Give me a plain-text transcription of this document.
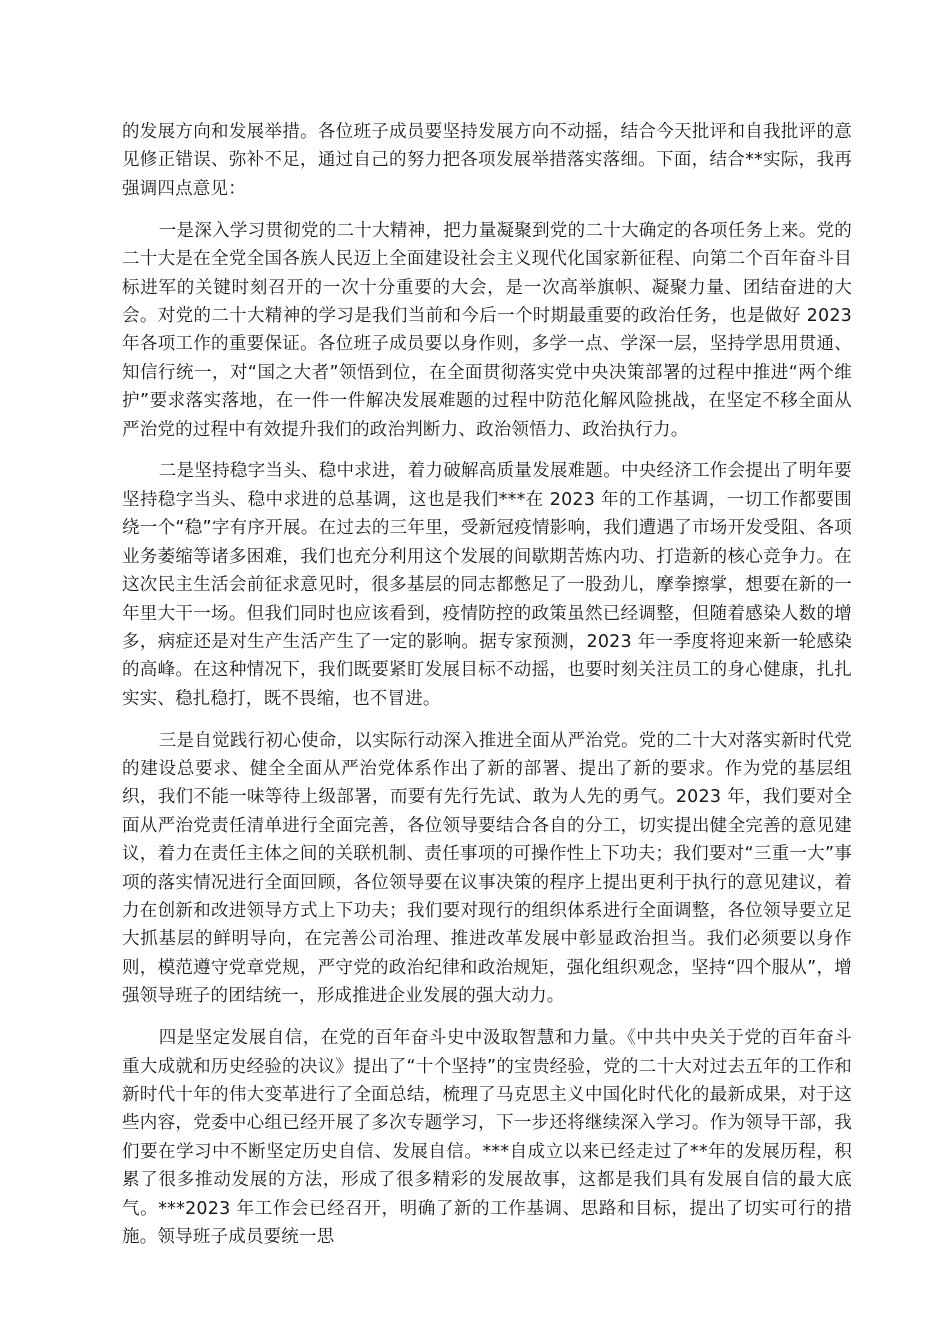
的发展方向和发展举措。各位班子成员要坚持发展方向不动摇，结合今天批评和自我批评的意见修正错误、弥补不足，通过自己的努力把各项发展举措落实落细。下面，结合**实际，我再强调四点意见：

一是深入学习贯彻党的二十大精神，把力量凝聚到党的二十大确定的各项任务上来。党的二十大是在全党全国各族人民迈上全面建设社会主义现代化国家新征程、向第二个百年奋斗目标进军的关键时刻召开的一次十分重要的大会，是一次高举旗帜、凝聚力量、团结奋进的大会。对党的二十大精神的学习是我们当前和今后一个时期最重要的政治任务，也是做好 2023 年各项工作的重要保证。各位班子成员要以身作则，多学一点、学深一层，坚持学思用贯通、知信行统一，对“国之大者”领悟到位，在全面贯彻落实党中央决策部署的过程中推进“两个维护”要求落实落地，在一件一件解决发展难题的过程中防范化解风险挑战，在坚定不移全面从严治党的过程中有效提升我们的政治判断力、政治领悟力、政治执行力。

二是坚持稳字当头、稳中求进，着力破解高质量发展难题。中央经济工作会提出了明年要坚持稳字当头、稳中求进的总基调，这也是我们***在 2023 年的工作基调，一切工作都要围绕一个“稳”字有序开展。在过去的三年里，受新冠疫情影响，我们遭遇了市场开发受阻、各项业务萎缩等诸多困难，我们也充分利用这个发展的间歇期苦炼内功、打造新的核心竞争力。在这次民主生活会前征求意见时，很多基层的同志都憋足了一股劲儿，摩拳擦掌，想要在新的一年里大干一场。但我们同时也应该看到，疫情防控的政策虽然已经调整，但随着感染人数的增多，病症还是对生产生活产生了一定的影响。据专家预测，2023 年一季度将迎来新一轮感染的高峰。在这种情况下，我们既要紧盯发展目标不动摇，也要时刻关注员工的身心健康，扎扎实实、稳扎稳打，既不畏缩，也不冒进。

三是自觉践行初心使命，以实际行动深入推进全面从严治党。党的二十大对落实新时代党的建设总要求、健全全面从严治党体系作出了新的部署、提出了新的要求。作为党的基层组织，我们不能一味等待上级部署，而要有先行先试、敢为人先的勇气。2023 年，我们要对全面从严治党责任清单进行全面完善，各位领导要结合各自的分工，切实提出健全完善的意见建议，着力在责任主体之间的关联机制、责任事项的可操作性上下功夫；我们要对“三重一大”事项的落实情况进行全面回顾，各位领导要在议事决策的程序上提出更利于执行的意见建议，着力在创新和改进领导方式上下功夫；我们要对现行的组织体系进行全面调整，各位领导要立足大抓基层的鲜明导向，在完善公司治理、推进改革发展中彰显政治担当。我们必须要以身作则，模范遵守党章党规，严守党的政治纪律和政治规矩，强化组织观念，坚持“四个服从”，增强领导班子的团结统一，形成推进企业发展的强大动力。

四是坚定发展自信，在党的百年奋斗史中汲取智慧和力量。《中共中央关于党的百年奋斗重大成就和历史经验的决议》提出了“十个坚持”的宝贵经验，党的二十大对过去五年的工作和新时代十年的伟大变革进行了全面总结，梳理了马克思主义中国化时代化的最新成果，对于这些内容，党委中心组已经开展了多次专题学习，下一步还将继续深入学习。作为领导干部，我们要在学习中不断坚定历史自信、发展自信。***自成立以来已经走过了**年的发展历程，积累了很多推动发展的方法，形成了很多精彩的发展故事，这都是我们具有发展自信的最大底气。***2023 年工作会已经召开，明确了新的工作基调、思路和目标，提出了切实可行的措施。领导班子成员要统一思
